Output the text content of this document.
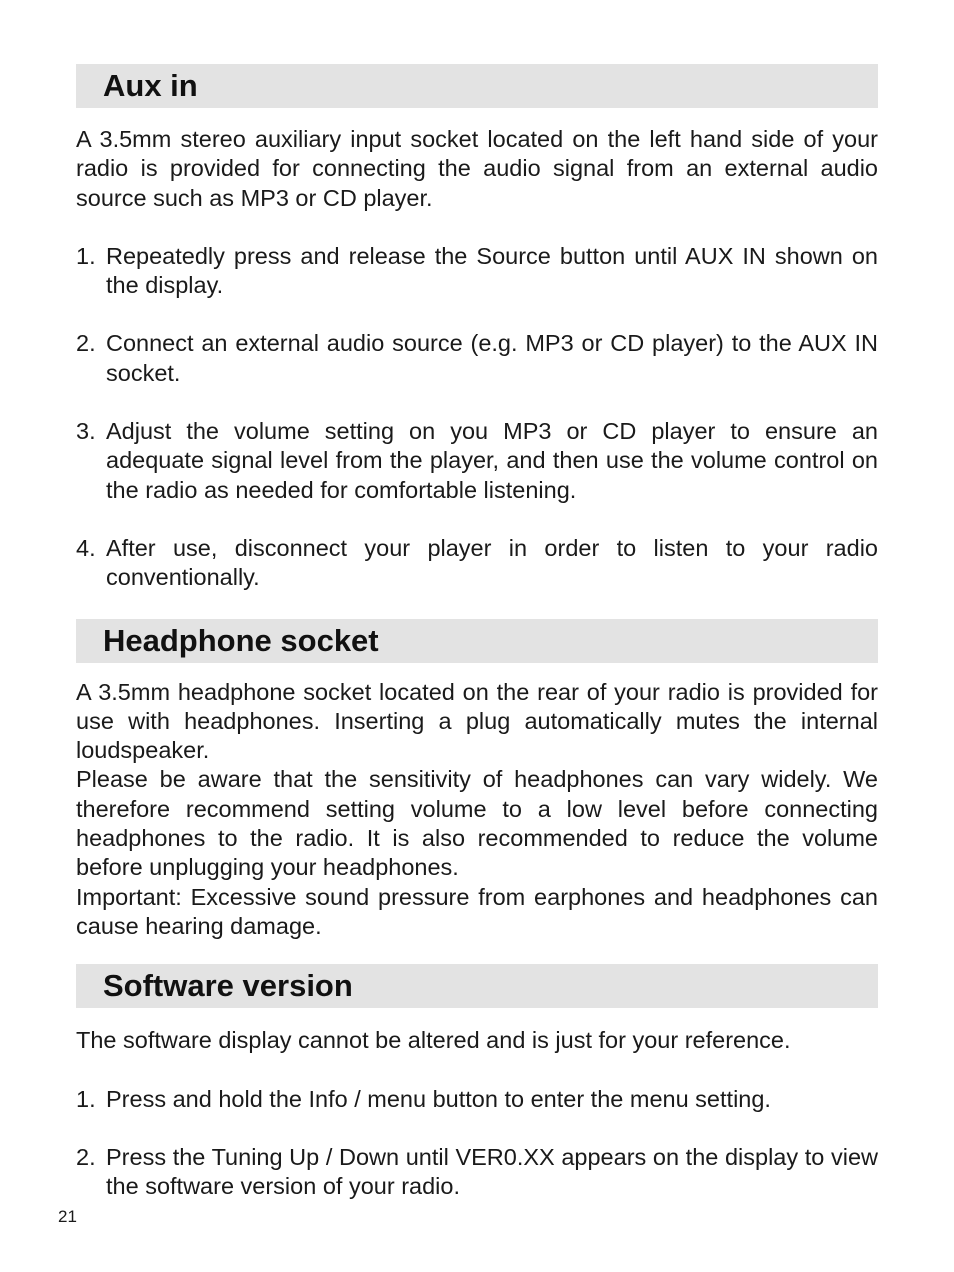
Aux in

A 3.5mm stereo auxiliary input socket located on the left hand side of your radio is provided for connecting the audio signal from an external audio source such as MP3 or CD player.

1. Repeatedly press and release the Source button until AUX IN shown on the display.
2. Connect an external audio source (e.g. MP3 or CD player) to the AUX IN socket.
3. Adjust the volume setting on you MP3 or CD player to ensure an adequate signal level from the player, and then use the volume control on the radio as needed for comfortable listening.
4. After use, disconnect your player in order to listen to your radio conventionally.
Headphone socket

A 3.5mm headphone socket located on the rear of your radio is provided for use with headphones. Inserting a plug automatically mutes the internal loudspeaker.

Please be aware that the sensitivity of headphones can vary widely. We therefore recommend setting volume to a low level before connecting headphones to the radio. It is also recommended to reduce the volume before unplugging your headphones.

Important: Excessive sound pressure from earphones and headphones can cause hearing damage.

Software version

The software display cannot be altered and is just for your reference.

1. Press and hold the Info / menu button to enter the menu setting.
2. Press the Tuning Up / Down until VER0.XX appears on the display to view the software version of your radio.
21
